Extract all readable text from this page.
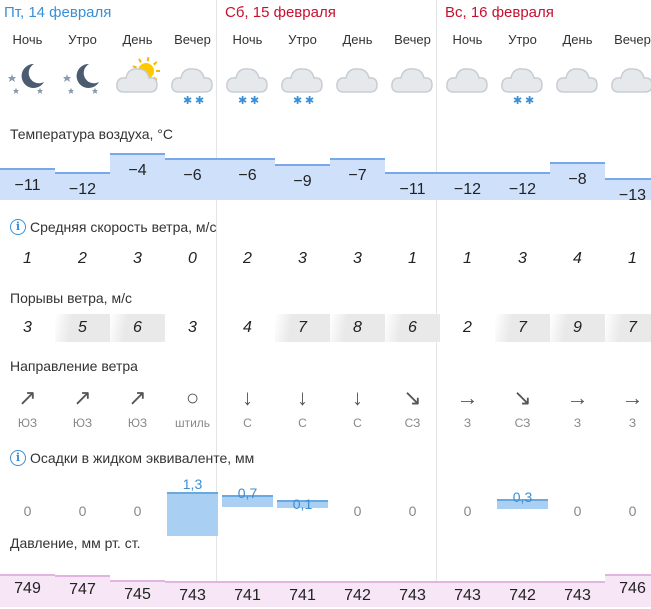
Пт, 14 февраля	Сб, 15 февраля	Вс, 16 февраля
Температура воздуха, °C
i Средняя скорость ветра, м/с
Порывы ветра, м/с
Направление ветра
i Осадки в жидком эквиваленте, мм
Давление, мм рт. ст.
Ночь
−11
1
3
↗
ЮЗ
0
749
Утро
−12
2
5
↗
ЮЗ
0
747
День
−4
3
6
↗
ЮЗ
0
745
Вечер
✱ ✱
−6
0
3
○
штиль
1,3
743
Ночь
✱ ✱
−6
2
4
↓
С
0,7
741
Утро
✱ ✱
−9
3
7
↓
С
0,1
741
День
−7
3
8
↓
С
0
742
Вечер
−11
1
6
↘
СЗ
0
743
Ночь
−12
1
2
→
З
0
743
Утро
✱ ✱
−12
3
7
↘
СЗ
0,3
742
День
−8
4
9
→
З
0
743
Вечер
−13
1
7
→
З
0
746
